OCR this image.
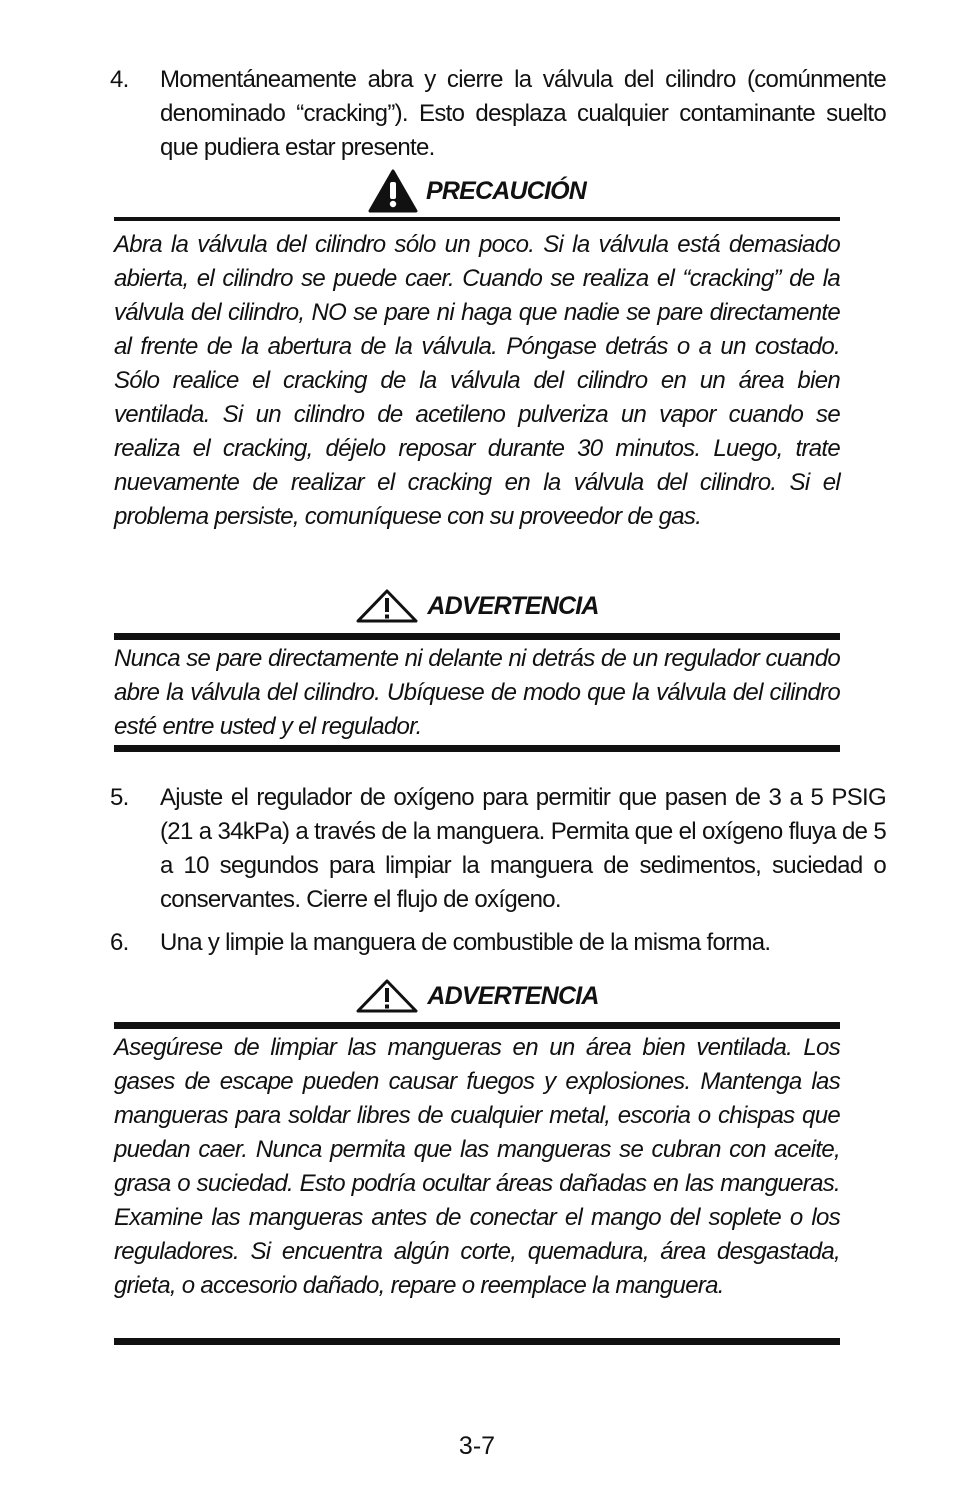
4.	Momentáneamente abra y cierre la válvula del cilindro (comúnmente denominado “cracking”). Esto desplaza cualquier contaminante suelto que pudiera estar presente.
PRECAUCIÓN
Abra la válvula del cilindro sólo un poco. Si la válvula está demasiado abierta, el cilindro se puede caer. Cuando se realiza el “cracking” de la válvula del cilindro, NO se pare ni haga que nadie se pare directamente al frente de la abertura de la válvula. Póngase detrás o a un costado. Sólo realice el cracking de la válvula del cilindro en un área bien ventilada. Si un cilindro de acetileno pulveriza un vapor cuando se realiza el cracking, déjelo reposar durante 30 minutos. Luego, trate nuevamente de realizar el cracking en la válvula del cilindro. Si el problema persiste, comuníquese con su proveedor de gas.
ADVERTENCIA
Nunca se pare directamente ni delante ni detrás de un regulador cuando abre la válvula del cilindro. Ubíquese de modo que la válvula del cilindro esté entre usted y el regulador.
5.	Ajuste el regulador de oxígeno para permitir que pasen de 3 a 5 PSIG (21 a 34kPa) a través de la manguera. Permita que el oxígeno fluya de 5 a 10 segundos para limpiar la manguera de sedimentos, suciedad o conservantes. Cierre el flujo de oxígeno.
6.	Una y limpie la manguera de combustible de la misma forma.
ADVERTENCIA
Asegúrese de limpiar las mangueras en un área bien ventilada. Los gases de escape pueden causar fuegos y explosiones. Mantenga las mangueras para soldar libres de cualquier metal, escoria o chispas que puedan caer. Nunca permita que las mangueras se cubran con aceite, grasa o suciedad. Esto podría ocultar áreas dañadas en las mangueras. Examine las mangueras antes de conectar el mango del soplete o los reguladores. Si encuentra algún corte, quemadura, área desgastada, grieta, o accesorio dañado, repare o reemplace la manguera.
3-7
